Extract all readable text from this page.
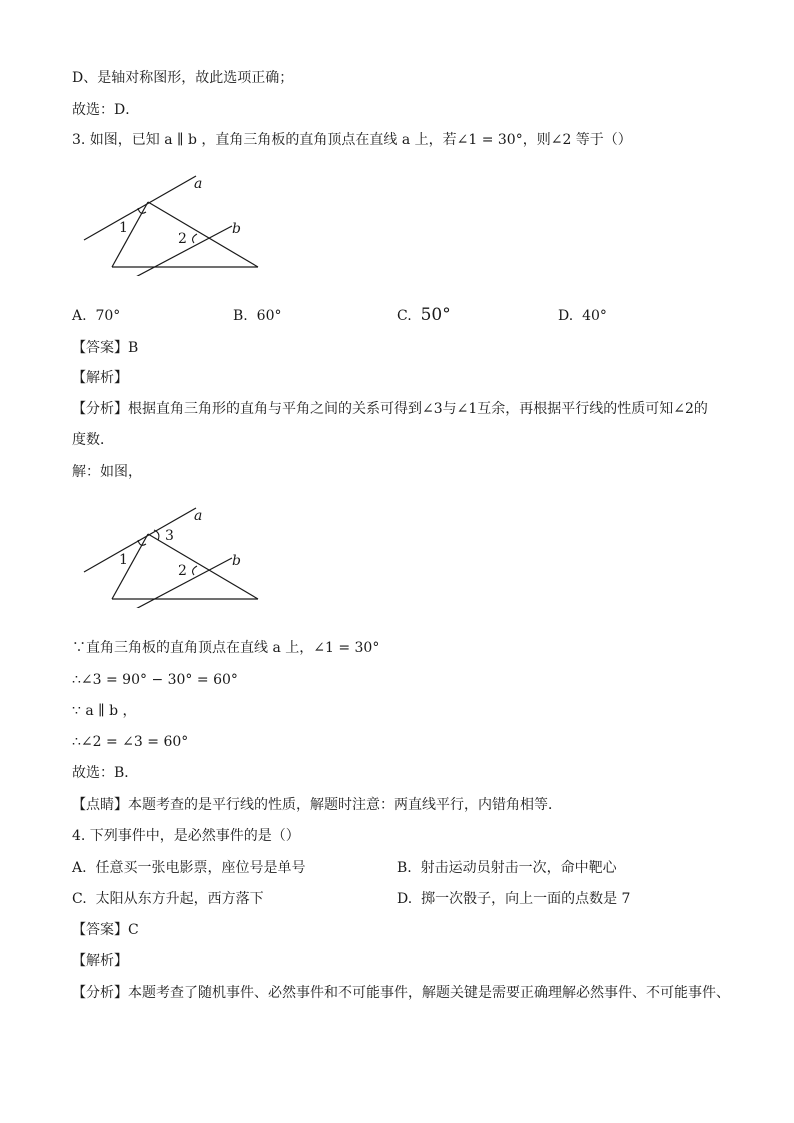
D、是轴对称图形，故此选项正确；
故选：D．
3. 如图，已知 a ∥ b ，直角三角板的直角顶点在直线 a 上，若∠1 = 30°，则∠2 等于（）
a
b
1
2
A. 70°	B. 60°	C. 50°	D. 40°
【答案】B
【解析】
【分析】根据直角三角形的直角与平角之间的关系可得到∠3与∠1互余，再根据平行线的性质可知∠2的
度数．
解：如图，
a
b
1
3
2
∵直角三角板的直角顶点在直线 a 上，∠1 = 30°
∴∠3 = 90° − 30° = 60°
∵ a ∥ b ，
∴∠2 = ∠3 = 60°
故选：B．
【点睛】本题考查的是平行线的性质，解题时注意：两直线平行，内错角相等．
4. 下列事件中，是必然事件的是（）
A. 任意买一张电影票，座位号是单号	B. 射击运动员射击一次，命中靶心
C. 太阳从东方升起，西方落下	D. 掷一次骰子，向上一面的点数是 7
【答案】C
【解析】
【分析】本题考查了随机事件、必然事件和不可能事件，解题关键是需要正确理解必然事件、不可能事件、
